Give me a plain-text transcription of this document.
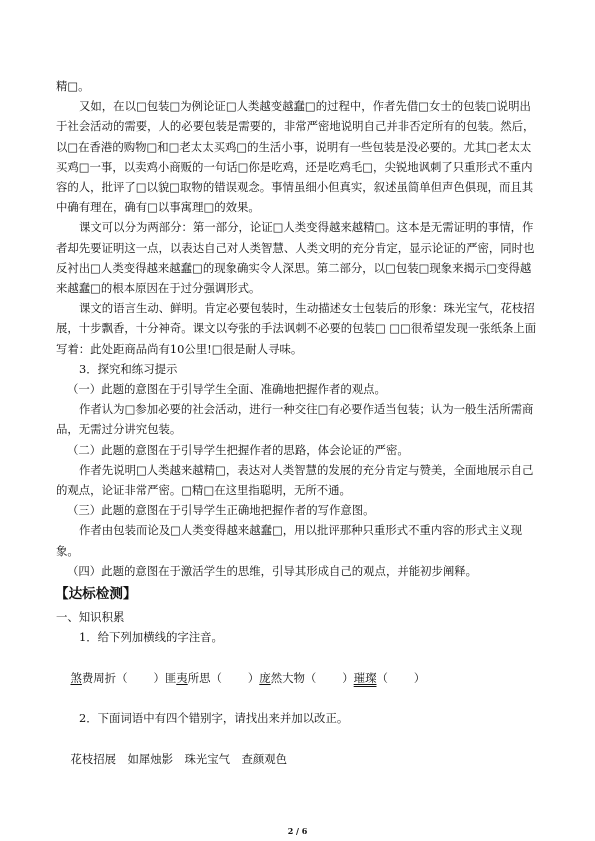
精□。

又如，在以□包装□为例论证□人类越变越蠢□的过程中，作者先借□女士的包装□说明出于社会活动的需要，人的必要包装是需要的，非常严密地说明自己并非否定所有的包装。然后，以□在香港的购物□和□老太太买鸡□的生活小事，说明有一些包装是没必要的。尤其□老太太买鸡□一事，以卖鸡小商贩的一句话□你是吃鸡，还是吃鸡毛□，尖锐地讽刺了只重形式不重内容的人，批评了□以貌□取物的错误观念。事情虽细小但真实，叙述虽简单但声色俱现，而且其中确有理在，确有□以事寓理□的效果。

课文可以分为两部分：第一部分，论证□人类变得越来越精□。这本是无需证明的事情，作者却先要证明这一点，以表达自己对人类智慧、人类文明的充分肯定，显示论证的严密，同时也反衬出□人类变得越来越蠢□的现象确实令人深思。第二部分，以□包装□现象来揭示□变得越来越蠢□的根本原因在于过分强调形式。

课文的语言生动、鲜明。肯定必要包装时，生动描述女士包装后的形象：珠光宝气，花枝招展，十步飘香，十分神奇。课文以夸张的手法讽刺不必要的包装□ □□很希望发现一张纸条上面写着：此处距商品尚有10公里!□很是耐人寻味。

3．探究和练习提示

（一）此题的意图在于引导学生全面、准确地把握作者的观点。

作者认为□参加必要的社会活动，进行一种交往□有必要作适当包装；认为一般生活所需商品，无需过分讲究包装。

（二）此题的意图在于引导学生把握作者的思路，体会论证的严密。

作者先说明□人类越来越精□，表达对人类智慧的发展的充分肯定与赞美，全面地展示自己的观点，论证非常严密。□精□在这里指聪明，无所不通。

（三）此题的意图在于引导学生正确地把握作者的写作意图。

作者由包装而论及□人类变得越来越蠢□，用以批评那种只重形式不重内容的形式主义现象。

（四）此题的意图在于激活学生的思维，引导其形成自己的观点，并能初步阐释。

【达标检测】

一、知识积累

1．给下列加横线的字注音。

煞费周折（ ）匪夷所思（ ）庞然大物（ ）璀璨（ ）

2．下面词语中有四个错别字，请找出来并加以改正。

花枝招展　 如犀烛影　 珠光宝气　 查颜观色

2 / 6
